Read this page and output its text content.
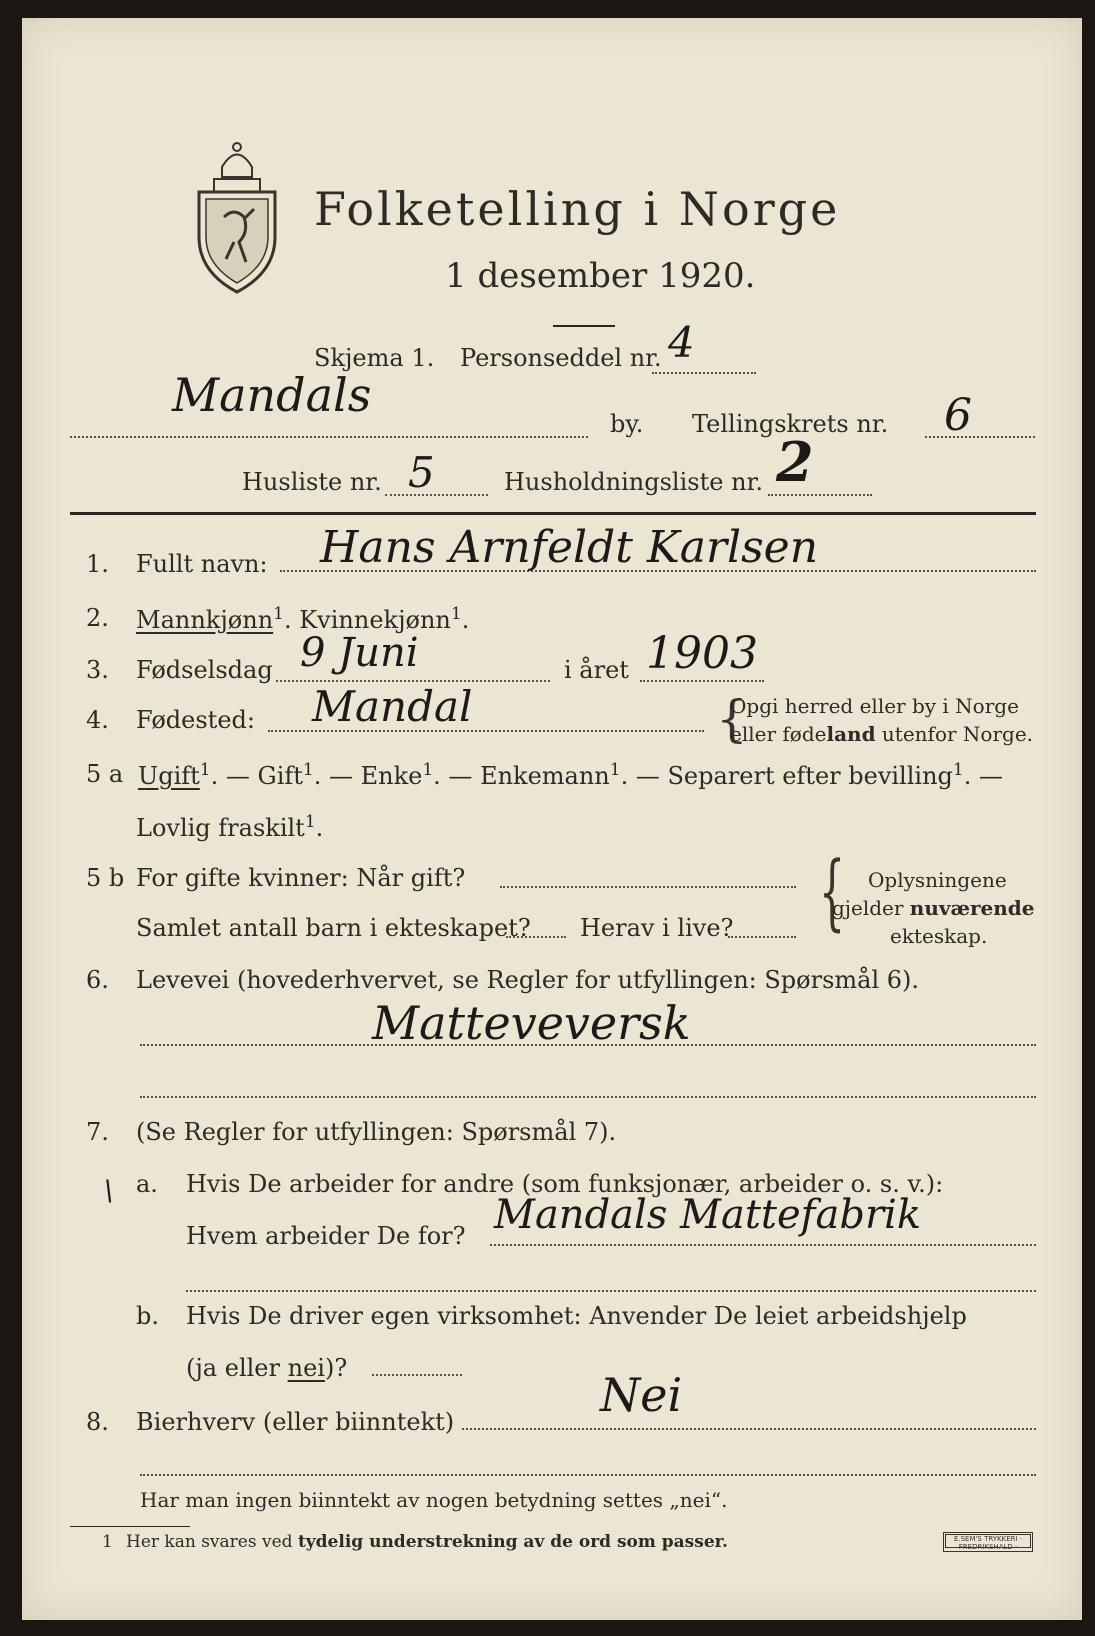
Folketelling i Norge
1 desember 1920.
Skjema 1. Personseddel nr. 4
Mandals
by. Tellingskrets nr. 6
Husliste nr. 5	Husholdningsliste nr. 2
1. Fullt navn: Hans Arnfeldt Karlsen
2. Mannkjønn$^1$. Kvinnekjønn$^1$.
3. Fødselsdag 9 Juni	i året 1903
4. Fødested: Mandal	{
Opgi herred eller by i Norge
eller fødeland utenfor Norge.
5 a Ugift$^1$. — Gift$^1$. — Enke$^1$. — Enkemann$^1$. — Separert efter bevilling$^1$. —
Lovlig fraskilt$^1$.
5 b For gifte kvinner: Når gift?
Samlet antall barn i ekteskapet? Herav i live? { Oplysningene
gjelder nuværende
ekteskap.
6. Levevei (hovederhvervet, se Regler for utfyllingen: Spørsmål 6).
Matteveversk
7. (Se Regler for utfyllingen: Spørsmål 7).
\ a. Hvis De arbeider for andre (som funksjonær, arbeider o. s. v.):
Hvem arbeider De for? Mandals Mattefabrik
b. Hvis De driver egen virksomhet: Anvender De leiet arbeidshjelp
(ja eller nei)?
8. Bierhverv (eller biinntekt)	Nei
Har man ingen biinntekt av nogen betydning settes „nei“.
1 Her kan svares ved tydelig understrekning av de ord som passer.	E.SEM'S TRYKKERI · FREDRIKSHALD ·
